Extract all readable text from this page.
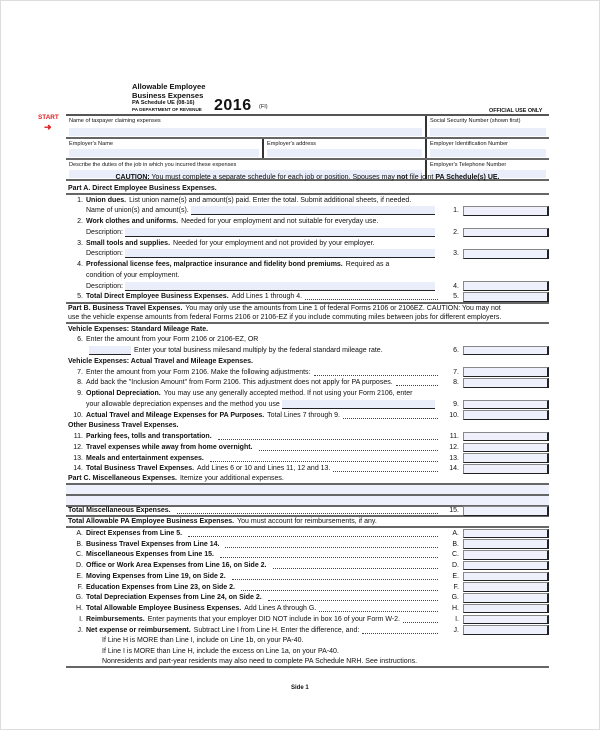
Allowable Employee
Business Expenses
PA Schedule UE (08-16)
PA DEPARTMENT OF REVENUE 2016 (FI)
OFFICIAL USE ONLY
START
➜
Name of taxpayer claiming expenses	Social Security Number (shown first)
Employer's Name	Employer's address	Employer Identification Number
Describe the duties of the job in which you incurred these expenses	Employer's Telephone Number
CAUTION: You must complete a separate schedule for each job or position. Spouses may not file joint PA Schedule(s) UE.
Part A. Direct Employee Business Expenses.
1. Union dues. List union name(s) and amount(s) paid. Enter the total. Submit additional sheets, if needed.
Name of union(s) and amount(s).	1.
2. Work clothes and uniforms. Needed for your employment and not suitable for everyday use.
Description:	2.
3. Small tools and supplies. Needed for your employment and not provided by your employer.
Description:	3.
4. Professional license fees, malpractice insurance and fidelity bond premiums. Required as a
condition of your employment.
Description:	4.
5. Total Direct Employee Business Expenses. Add Lines 1 through 4.	5.
Part B. Business Travel Expenses. You may only use the amounts from Line 1 of federal Forms 2106 or 2106EZ. CAUTION: You may not
use the vehicle expense amounts from federal Forms 2106 or 2106-EZ if you include commuting miles between jobs for different employers.
Vehicle Expenses: Standard Mileage Rate.
6. Enter the amount from your Form 2106 or 2106-EZ, OR
Enter your total business miles and multiply by the federal standard mileage rate.	6.
Vehicle Expenses: Actual Travel and Mileage Expenses.
7. Enter the amount from your Form 2106. Make the following adjustments:	7.
8. Add back the "Inclusion Amount" from Form 2106. This adjustment does not apply for PA purposes.	8.
9. Optional Depreciation. You may use any generally accepted method. If not using your Form 2106, enter
your allowable depreciation expenses and the method you use	9.
10. Actual Travel and Mileage Expenses for PA Purposes. Total Lines 7 through 9.	10.
Other Business Travel Expenses.
11. Parking fees, tolls and transportation.	11.
12. Travel expenses while away from home overnight.	12.
13. Meals and entertainment expenses.	13.
14. Total Business Travel Expenses. Add Lines 6 or 10 and Lines 11, 12 and 13.	14.
Part C. Miscellaneous Expenses. Itemize your additional expenses.
Total Miscellaneous Expenses.	15.
Total Allowable PA Employee Business Expenses. You must account for reimbursements, if any.
A. Direct Expenses from Line 5.	A.
B. Business Travel Expenses from Line 14.	B.
C. Miscellaneous Expenses from Line 15.	C.
D. Office or Work Area Expenses from Line 16, on Side 2.	D.
E. Moving Expenses from Line 19, on Side 2.	E.
F. Education Expenses from Line 23, on Side 2.	F.
G. Total Depreciation Expenses from Line 24, on Side 2.	G.
H. Total Allowable Employee Business Expenses. Add Lines A through G.	H.
I. Reimbursements. Enter payments that your employer DID NOT include in box 16 of your Form W-2.	I.
J. Net expense or reimbursement. Subtract Line I from Line H. Enter the difference, and:	J.
If Line H is MORE than Line I, include on Line 1b, on your PA-40.
If Line I is MORE than Line H, include the excess on Line 1a, on your PA-40.
Nonresidents and part-year residents may also need to complete PA Schedule NRH. See instructions.
Side 1
